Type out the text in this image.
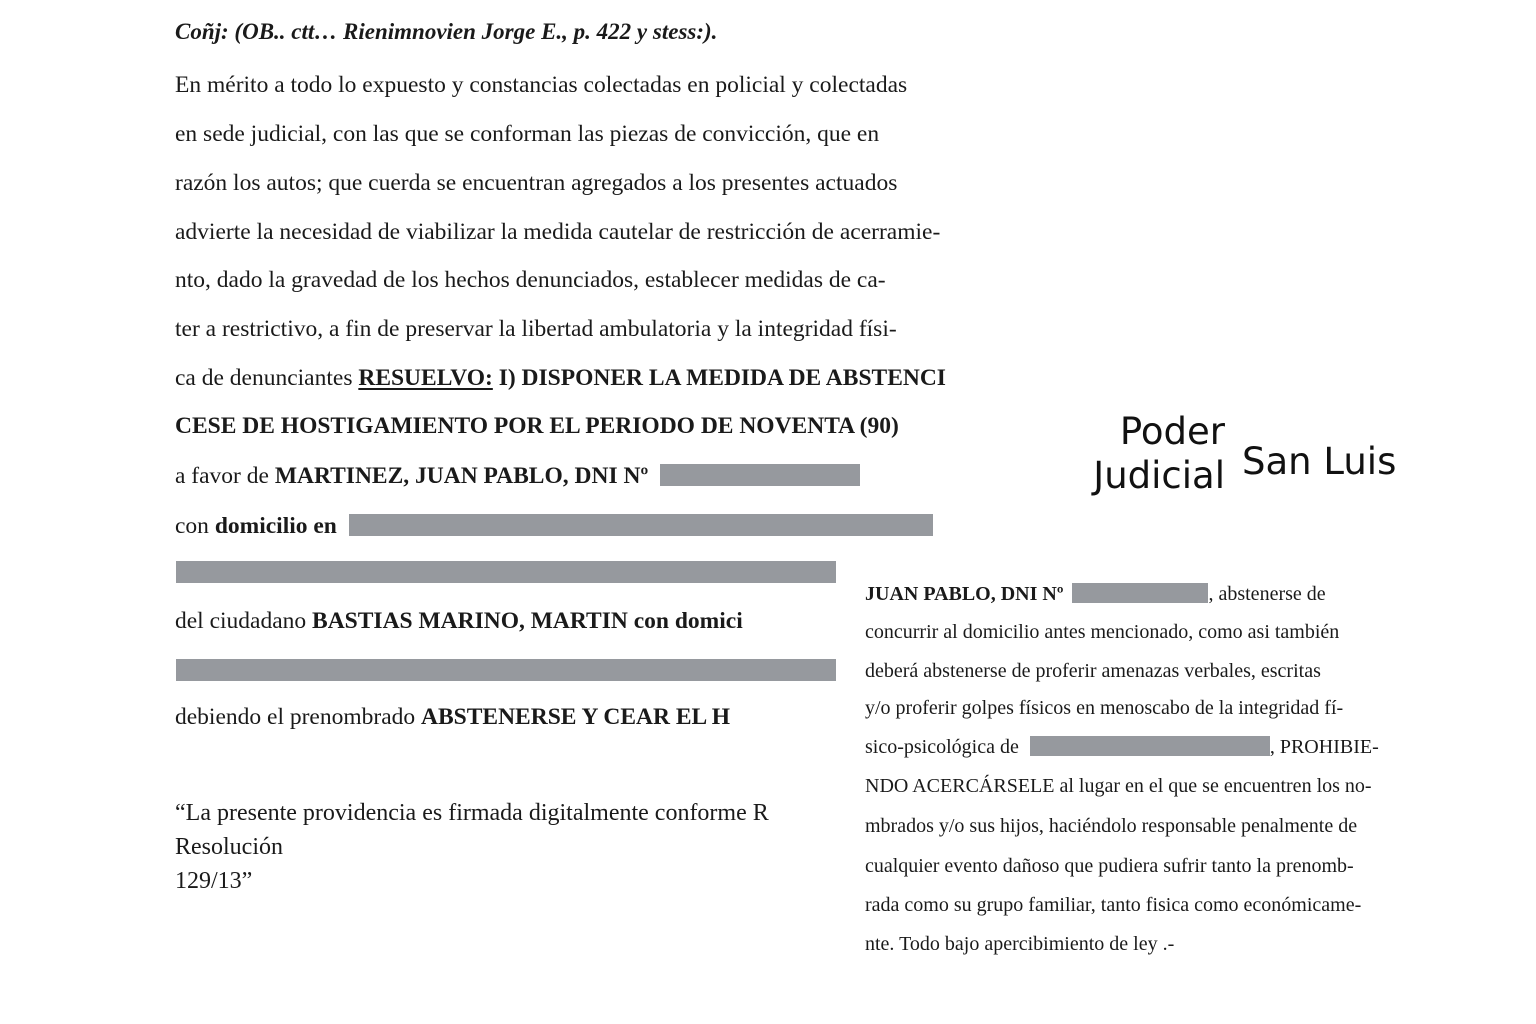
Coñj: (OB.. ctt… Rienimnovien Jorge E., p. 422 y stess:).
En mérito a todo lo expuesto y constancias colectadas en policial y colectadas
en sede judicial, con las que se conforman las piezas de convicción, que en
razón los autos; que cuerda se encuentran agregados a los presentes actuados
advierte la necesidad de viabilizar la medida cautelar de restricción de acerramie-
nto, dado la gravedad de los hechos denunciados, establecer medidas de ca-
ter a restrictivo, a fin de preservar la libertad ambulatoria y la integridad físi-
ca de denunciantes RESUELVO: I) DISPONER LA MEDIDA DE ABSTENCI
CESE DE HOSTIGAMIENTO POR EL PERIODO DE NOVENTA (90)
a favor de MARTINEZ, JUAN PABLO, DNI Nº
con domicilio en
del ciudadano BASTIAS MARINO, MARTIN con domici
debiendo el prenombrado ABSTENERSE Y CEAR EL H
“La presente providencia es firmada digitalmente conforme R
Resolución
129/13”
Poder
Judicial San Luis
JUAN PABLO, DNI Nº	, abstenerse de
concurrir al domicilio antes mencionado, como asi también
deberá abstenerse de proferir amenazas verbales, escritas
y/o proferir golpes físicos en menoscabo de la integridad fí-
sico-psicológica de	, PROHIBIE-
NDO ACERCÁRSELE al lugar en el que se encuentren los no-
mbrados y/o sus hijos, haciéndolo responsable penalmente de
cualquier evento dañoso que pudiera sufrir tanto la prenomb-
rada como su grupo familiar, tanto fisica como económicame-
nte. Todo bajo apercibimiento de ley .-
